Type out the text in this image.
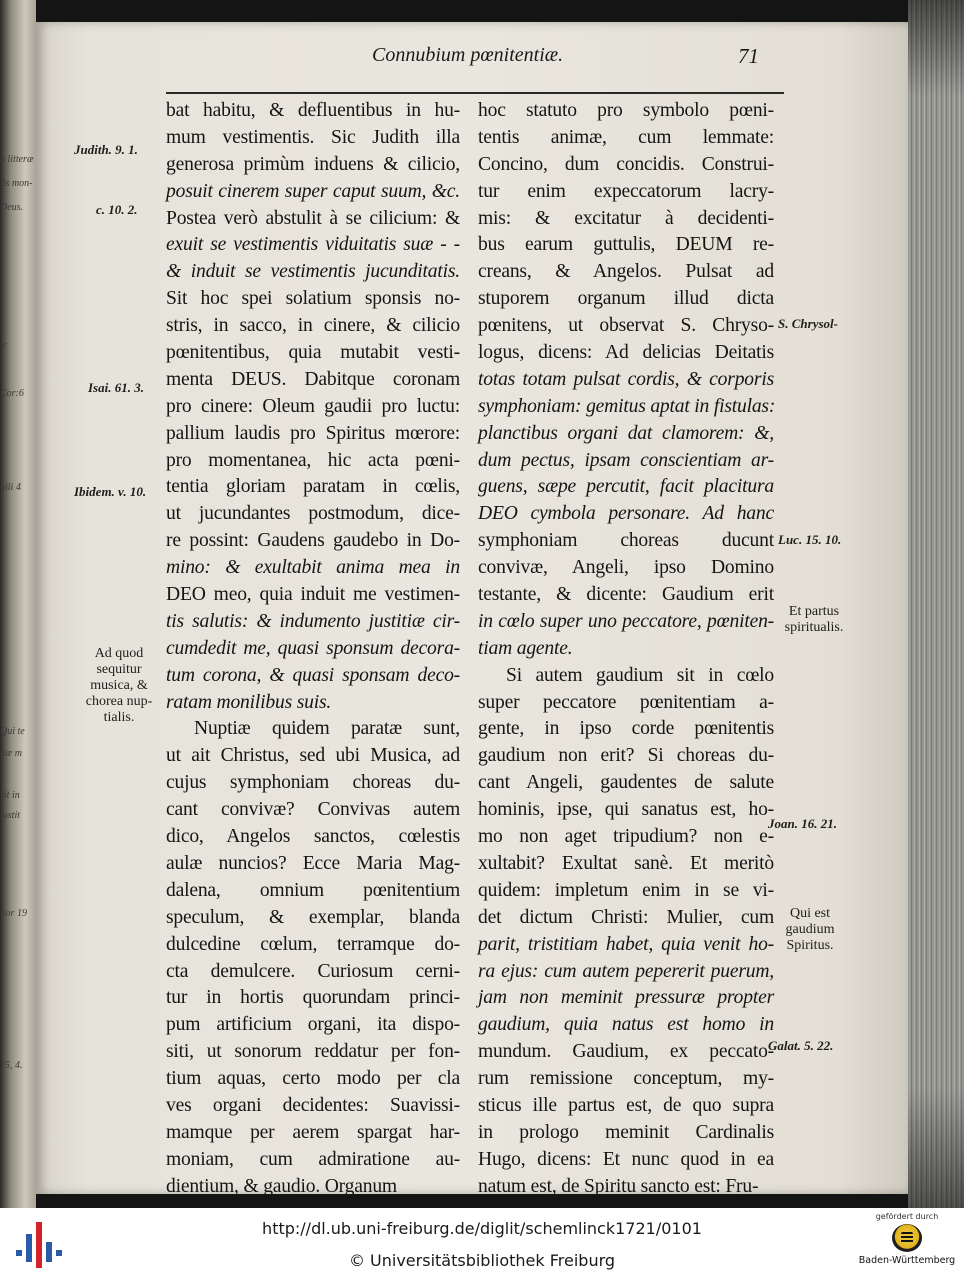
a litteræ
tis mon-
Deus.
ic
Cor:6
uili 4
Qui te
tiæ m
sit in
justit
lior 19
15, 4.
Connubium pœnitentiæ.	71
bat habitu, & defluentibus in hu-
mum vestimentis. Sic Judith illa
generosa primùm induens & cilicio,
posuit cinerem super caput suum, &c.
Postea verò abstulit à se cilicium: &
exuit se vestimentis viduitatis suæ - -
& induit se vestimentis jucunditatis.
Sit hoc spei solatium sponsis no-
stris, in sacco, in cinere, & cilicio
pœnitentibus, quia mutabit vesti-
menta DEUS. Dabitque coronam
pro cinere: Oleum gaudii pro luctu:
pallium laudis pro Spiritus mœrore:
pro momentanea, hic acta pœni-
tentia gloriam paratam in cœlis,
ut jucundantes postmodum, dice-
re possint: Gaudens gaudebo in Do-
mino: & exultabit anima mea in
DEO meo, quia induit me vestimen-
tis salutis: & indumento justitiæ cir-
cumdedit me, quasi sponsum decora-
tum corona, & quasi sponsam deco-
ratam monilibus suis.
Nuptiæ quidem paratæ sunt,
ut ait Christus, sed ubi Musica, ad
cujus symphoniam choreas du-
cant convivæ? Convivas autem
dico, Angelos sanctos, cœlestis
aulæ nuncios? Ecce Maria Mag-
dalena, omnium pœnitentium
speculum, & exemplar, blanda
dulcedine cœlum, terramque do-
cta demulcere. Curiosum cerni-
tur in hortis quorundam princi-
pum artificium organi, ita dispo-
siti, ut sonorum reddatur per fon-
tium aquas, certo modo per cla
ves organi decidentes: Suavissi-
mamque per aerem spargat har-
moniam, cum admiratione au-
dientium, & gaudio. Organum
hoc statuto pro symbolo pœni-
tentis animæ, cum lemmate:
Concino, dum concidis. Construi-
tur enim expeccatorum lacry-
mis: & excitatur à decidenti-
bus earum guttulis, DEUM re-
creans, & Angelos. Pulsat ad
stuporem organum illud dicta
pœnitens, ut observat S. Chryso-
logus, dicens: Ad delicias Deitatis
totas totam pulsat cordis, & corporis
symphoniam: gemitus aptat in fistulas:
planctibus organi dat clamorem: &,
dum pectus, ipsam conscientiam ar-
guens, sæpe percutit, facit placitura
DEO cymbola personare. Ad hanc
symphoniam choreas ducunt
convivæ, Angeli, ipso Domino
testante, & dicente: Gaudium erit
in cœlo super uno peccatore, pœniten-
tiam agente.
Si autem gaudium sit in cœlo
super peccatore pœnitentiam a-
gente, in ipso corde pœnitentis
gaudium non erit? Si choreas du-
cant Angeli, gaudentes de salute
hominis, ipse, qui sanatus est, ho-
mo non aget tripudium? non e-
xultabit? Exultat sanè. Et meritò
quidem: impletum enim in se vi-
det dictum Christi: Mulier, cum
parit, tristitiam habet, quia venit ho-
ra ejus: cum autem pepererit puerum,
jam non meminit pressuræ propter
gaudium, quia natus est homo in
mundum. Gaudium, ex peccato-
rum remissione conceptum, my-
sticus ille partus est, de quo supra
in prologo meminit Cardinalis
Hugo, dicens: Et nunc quod in ea
natum est, de Spiritu sancto est: Fru-
Judith. 9. 1.
c. 10. 2.
Isai. 61. 3.
Ibidem. v. 10.
Ad quod
sequitur
musica, &
chorea nup-
tialis.
S. Chrysol-
Luc. 15. 10.
Joan. 16. 21.
Galat. 5. 22.
Et partus
spiritualis.
Qui est
gaudium
Spiritus.
http://dl.ub.uni-freiburg.de/diglit/schemlinck1721/0101
© Universitätsbibliothek Freiburg
gefördert durch
Baden-Württemberg
